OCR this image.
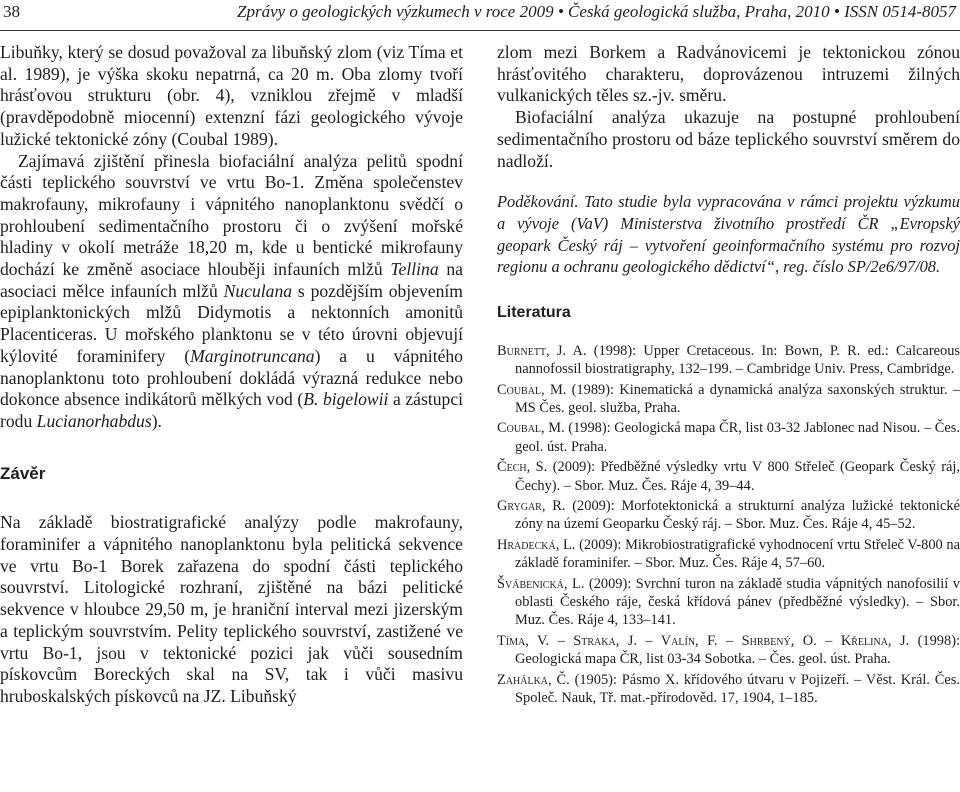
38	Zprávy o geologických výzkumech v roce 2009 • Česká geologická služba, Praha, 2010 • ISSN 0514-8057

Libuňky, který se dosud považoval za libuňský zlom (viz Tíma et al. 1989), je výška skoku nepatrná, ca 20 m. Oba zlomy tvoří hrásťovou strukturu (obr. 4), vzniklou zřejmě v mladší (pravděpodobně miocenní) extenzní fázi geologického vývoje lužické tektonické zóny (Coubal 1989).

Zajímavá zjištění přinesla biofaciální analýza pelitů spodní části teplického souvrství ve vrtu Bo-1. Změna společenstev makrofauny, mikrofauny i vápnitého nanoplanktonu svědčí o prohloubení sedimentačního prostoru či o zvýšení mořské hladiny v okolí metráže 18,20 m, kde u bentické mikrofauny dochází ke změně asociace hlouběji infauních mlžů Tellina na asociaci mělce infauních mlžů Nuculana s pozdějším objevením epiplanktonických mlžů Didymotis a nektonních amonitů Placenticeras. U mořského planktonu se v této úrovni objevují kýlovité foraminifery (Marginotruncana) a u vápnitého nanoplanktonu toto prohloubení dokládá výrazná redukce nebo dokonce absence indikátorů mělkých vod (B. bigelowii a zástupci rodu Lucianorhabdus).

Závěr

Na základě biostratigrafické analýzy podle makrofauny, foraminifer a vápnitého nanoplanktonu byla pelitická sekvence ve vrtu Bo-1 Borek zařazena do spodní části teplického souvrství. Litologické rozhraní, zjištěné na bázi pelitické sekvence v hloubce 29,50 m, je hraniční interval mezi jizerským a teplickým souvrstvím. Pelity teplického souvrství, zastižené ve vrtu Bo-1, jsou v tektonické pozici jak vůči sousedním pískovcům Boreckých skal na SV, tak i vůči masivu hruboskalských pískovců na JZ. Libuňský

zlom mezi Borkem a Radvánovicemi je tektonickou zónou hrásťovitého charakteru, doprovázenou intruzemi žilných vulkanických těles sz.-jv. směru.

Biofaciální analýza ukazuje na postupné prohloubení sedimentačního prostoru od báze teplického souvrství směrem do nadloží.

Poděkování. Tato studie byla vypracována v rámci projektu výzkumu a vývoje (VaV) Ministerstva životního prostředí ČR „Evropský geopark Český ráj – vytvoření geoinformačního systému pro rozvoj regionu a ochranu geologického dědictví“, reg. číslo SP/2e6/97/08.

Literatura

Burnett, J. A. (1998): Upper Cretaceous. In: Bown, P. R. ed.: Calcareous nannofossil biostratigraphy, 132–199. – Cambridge Univ. Press, Cambridge.

Coubal, M. (1989): Kinematická a dynamická analýza saxonských struktur. – MS Čes. geol. služba, Praha.

Coubal, M. (1998): Geologická mapa ČR, list 03-32 Jablonec nad Nisou. – Čes. geol. úst. Praha.

Čech, S. (2009): Předběžné výsledky vrtu V 800 Střeleč (Geopark Český ráj, Čechy). – Sbor. Muz. Čes. Ráje 4, 39–44.

Grygar, R. (2009): Morfotektonická a strukturní analýza lužické tektonické zóny na území Geoparku Český ráj. – Sbor. Muz. Čes. Ráje 4, 45–52.

Hradecká, L. (2009): Mikrobiostratigrafické vyhodnocení vrtu Střeleč V-800 na základě foraminifer. – Sbor. Muz. Čes. Ráje 4, 57–60.

Švábenická, L. (2009): Svrchní turon na základě studia vápnitých nanofosilií v oblasti Českého ráje, česká křídová pánev (předběžné výsledky). – Sbor. Muz. Čes. Ráje 4, 133–141.

Tíma, V. – Straka, J. – Valín, F. – Shrbený, O. – Křelina, J. (1998): Geologická mapa ČR, list 03-34 Sobotka. – Čes. geol. úst. Praha.

Zahálka, Č. (1905): Pásmo X. křídového útvaru v Pojizeří. – Věst. Král. Čes. Společ. Nauk, Tř. mat.-přírodověd. 17, 1904, 1–185.
